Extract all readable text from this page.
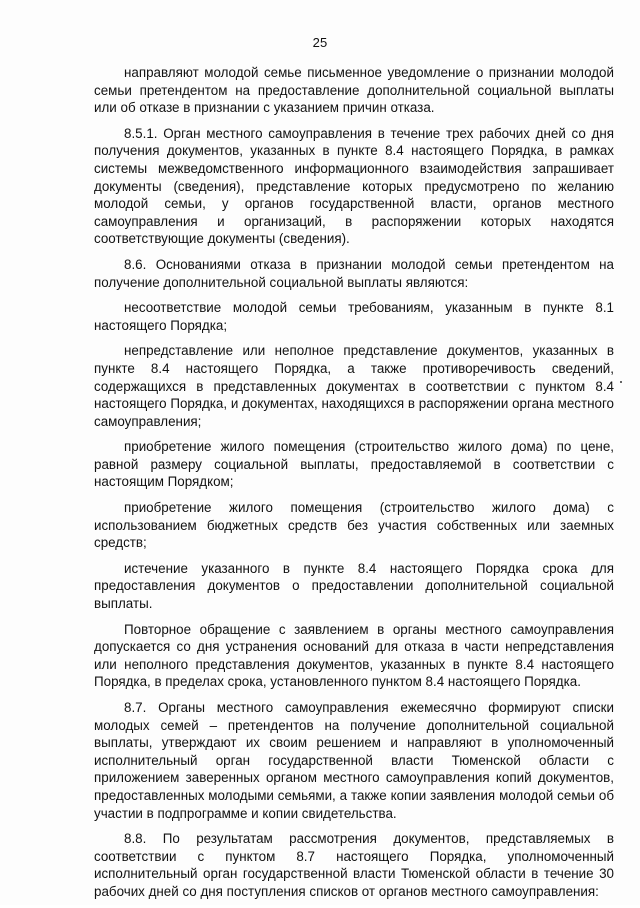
25

направляют молодой семье письменное уведомление о признании молодой семьи претендентом на предоставление дополнительной социальной выплаты или об отказе в признании с указанием причин отказа.

8.5.1. Орган местного самоуправления в течение трех рабочих дней со дня получения документов, указанных в пункте 8.4 настоящего Порядка, в рамках системы межведомственного информационного взаимодействия запрашивает документы (сведения), представление которых предусмотрено по желанию молодой семьи, у органов государственной власти, органов местного самоуправления и организаций, в распоряжении которых находятся соответствующие документы (сведения).

8.6. Основаниями отказа в признании молодой семьи претендентом на получение дополнительной социальной выплаты являются:

несоответствие молодой семьи требованиям, указанным в пункте 8.1 настоящего Порядка;

непредставление или неполное представление документов, указанных в пункте 8.4 настоящего Порядка, а также противоречивость сведений, содержащихся в представленных документах в соответствии с пунктом 8.4 настоящего Порядка, и документах, находящихся в распоряжении органа местного самоуправления;

приобретение жилого помещения (строительство жилого дома) по цене, равной размеру социальной выплаты, предоставляемой в соответствии с настоящим Порядком;

приобретение жилого помещения (строительство жилого дома) с использованием бюджетных средств без участия собственных или заемных средств;

истечение указанного в пункте 8.4 настоящего Порядка срока для предоставления документов о предоставлении дополнительной социальной выплаты.

Повторное обращение с заявлением в органы местного самоуправления допускается со дня устранения оснований для отказа в части непредставления или неполного представления документов, указанных в пункте 8.4 настоящего Порядка, в пределах срока, установленного пунктом 8.4 настоящего Порядка.

8.7. Органы местного самоуправления ежемесячно формируют списки молодых семей – претендентов на получение дополнительной социальной выплаты, утверждают их своим решением и направляют в уполномоченный исполнительный орган государственной власти Тюменской области с приложением заверенных органом местного самоуправления копий документов, предоставленных молодыми семьями, а также копии заявления молодой семьи об участии в подпрограмме и копии свидетельства.

8.8. По результатам рассмотрения документов, представляемых в соответствии с пунктом 8.7 настоящего Порядка, уполномоченный исполнительный орган государственной власти Тюменской области в течение 30 рабочих дней со дня поступления списков от органов местного самоуправления:
